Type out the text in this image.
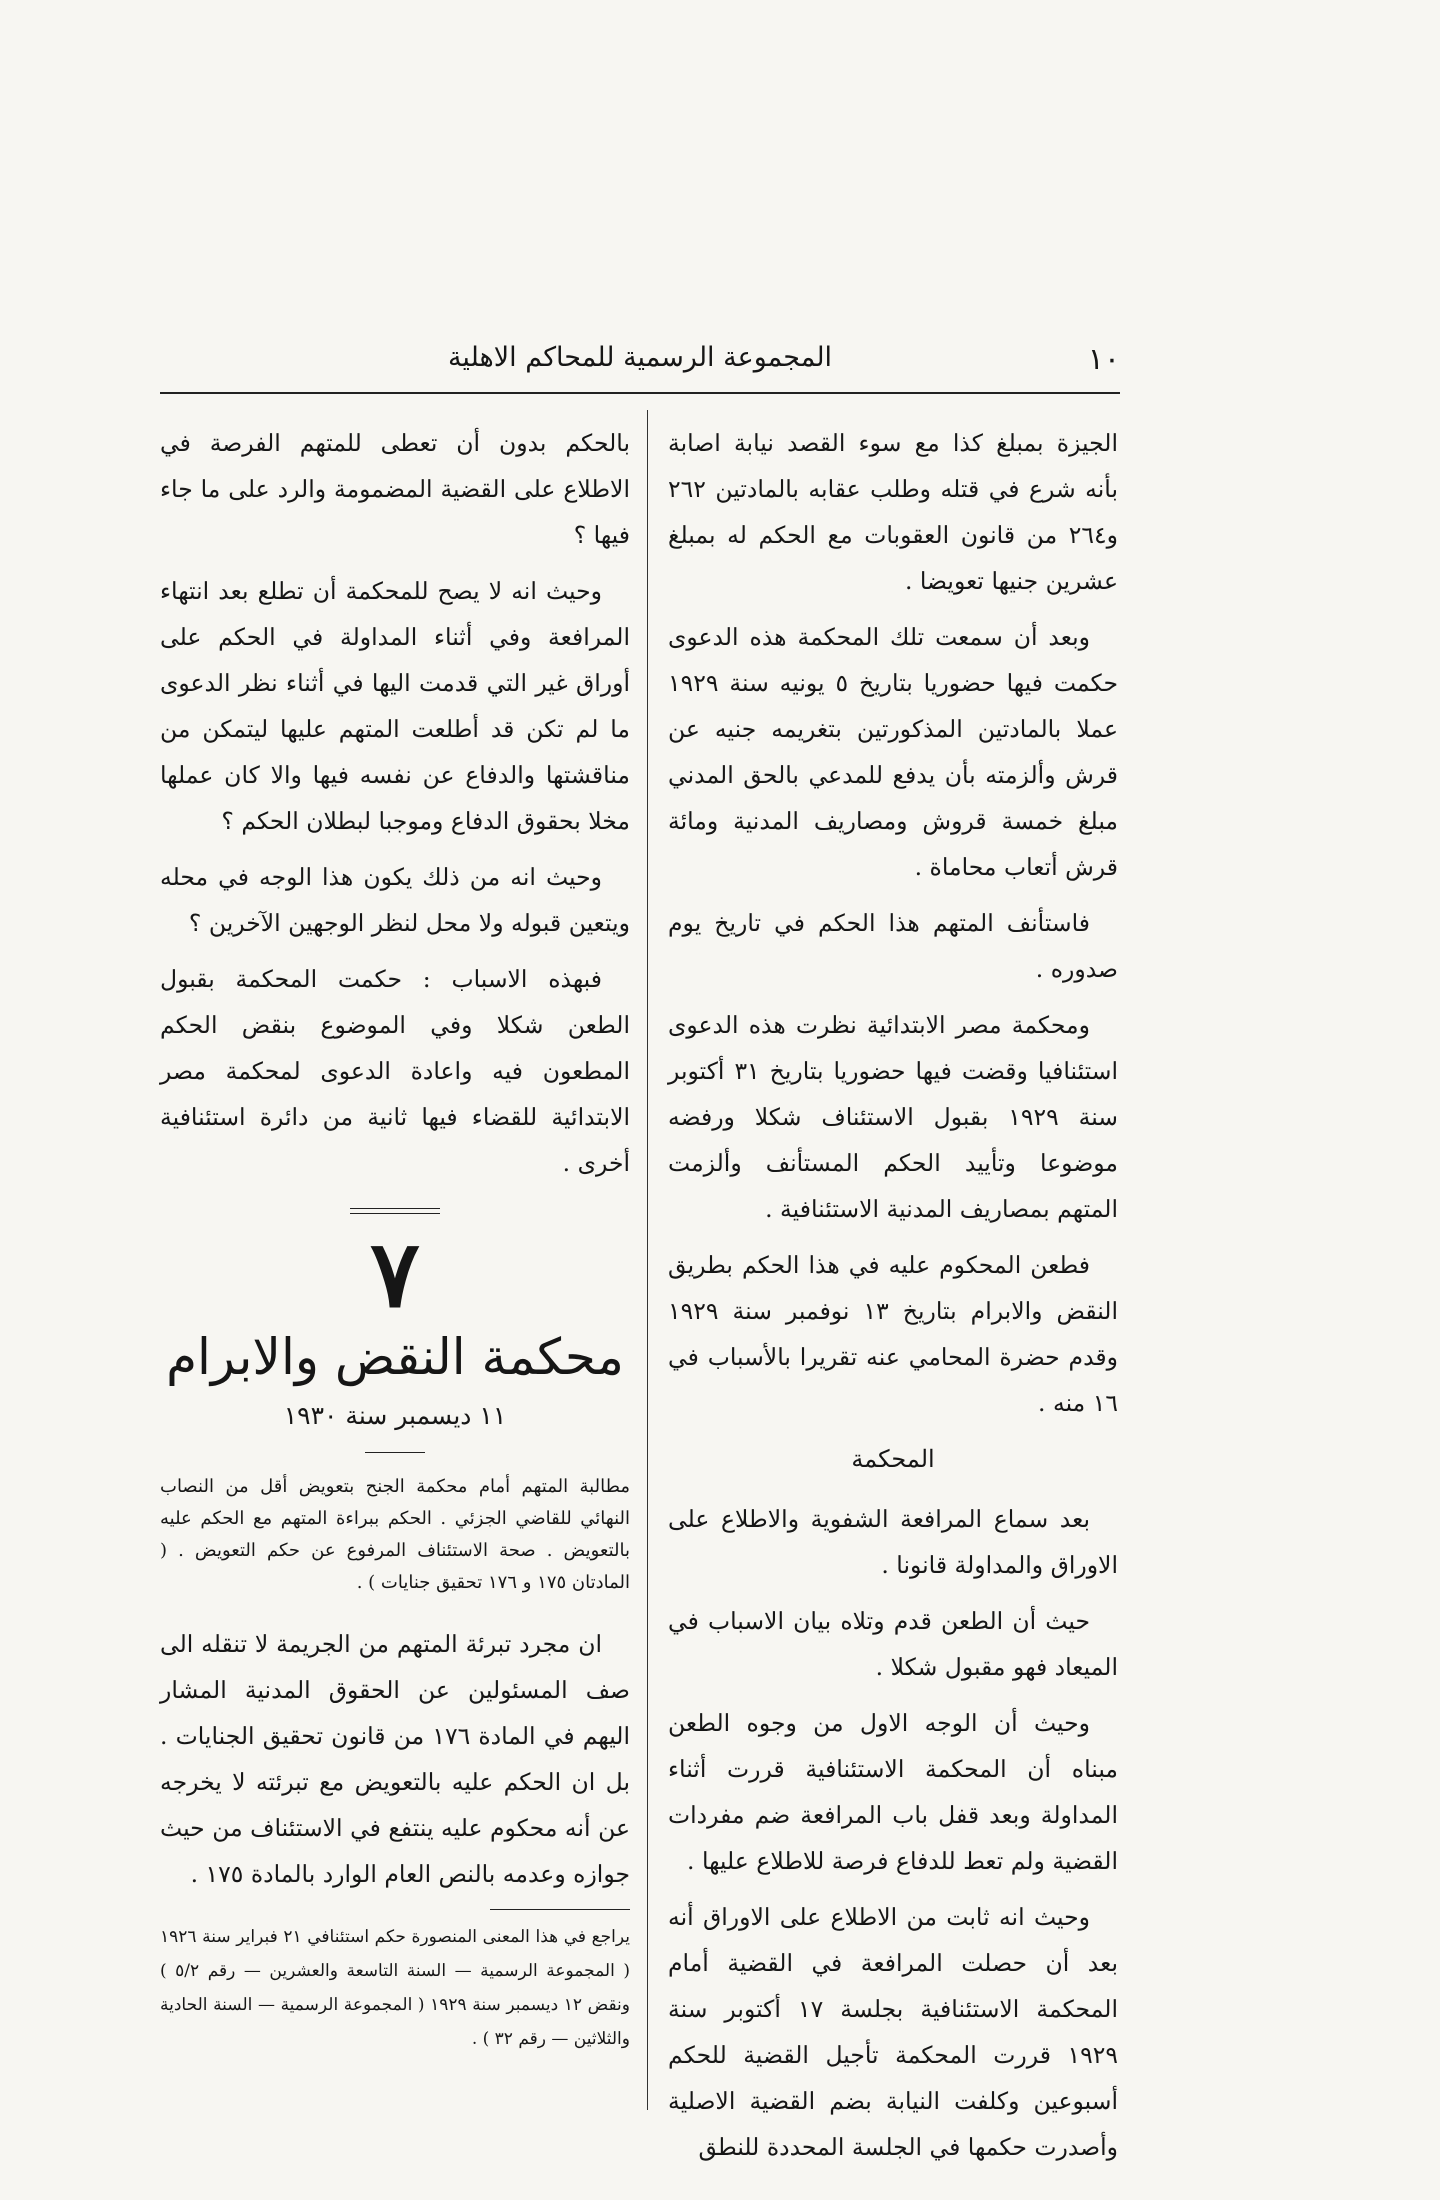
١٠
المجموعة الرسمية للمحاكم الاهلية

الجيزة بمبلغ كذا مع سوء القصد نيابة اصابة بأنه شرع في قتله وطلب عقابه بالمادتين ٢٦٢ و٢٦٤ من قانون العقوبات مع الحكم له بمبلغ عشرين جنيها تعويضا .

وبعد أن سمعت تلك المحكمة هذه الدعوى حكمت فيها حضوريا بتاريخ ٥ يونيه سنة ١٩٢٩ عملا بالمادتين المذكورتين بتغريمه جنيه عن قرش وألزمته بأن يدفع للمدعي بالحق المدني مبلغ خمسة قروش ومصاريف المدنية ومائة قرش أتعاب محاماة .

فاستأنف المتهم هذا الحكم في تاريخ يوم صدوره .

ومحكمة مصر الابتدائية نظرت هذه الدعوى استئنافيا وقضت فيها حضوريا بتاريخ ٣١ أكتوبر سنة ١٩٢٩ بقبول الاستئناف شكلا ورفضه موضوعا وتأييد الحكم المستأنف وألزمت المتهم بمصاريف المدنية الاستئنافية .

فطعن المحكوم عليه في هذا الحكم بطريق النقض والابرام بتاريخ ١٣ نوفمبر سنة ١٩٢٩ وقدم حضرة المحامي عنه تقريرا بالأسباب في ١٦ منه .

المحكمة

بعد سماع المرافعة الشفوية والاطلاع على الاوراق والمداولة قانونا .

حيث أن الطعن قدم وتلاه بيان الاسباب في الميعاد فهو مقبول شكلا .

وحيث أن الوجه الاول من وجوه الطعن مبناه أن المحكمة الاستئنافية قررت أثناء المداولة وبعد قفل باب المرافعة ضم مفردات القضية ولم تعط للدفاع فرصة للاطلاع عليها .

وحيث انه ثابت من الاطلاع على الاوراق أنه بعد أن حصلت المرافعة في القضية أمام المحكمة الاستئنافية بجلسة ١٧ أكتوبر سنة ١٩٢٩ قررت المحكمة تأجيل القضية للحكم أسبوعين وكلفت النيابة بضم القضية الاصلية وأصدرت حكمها في الجلسة المحددة للنطق

بالحكم بدون أن تعطى للمتهم الفرصة في الاطلاع على القضية المضمومة والرد على ما جاء فيها ؟

وحيث انه لا يصح للمحكمة أن تطلع بعد انتهاء المرافعة وفي أثناء المداولة في الحكم على أوراق غير التي قدمت اليها في أثناء نظر الدعوى ما لم تكن قد أطلعت المتهم عليها ليتمكن من مناقشتها والدفاع عن نفسه فيها والا كان عملها مخلا بحقوق الدفاع وموجبا لبطلان الحكم ؟

وحيث انه من ذلك يكون هذا الوجه في محله ويتعين قبوله ولا محل لنظر الوجهين الآخرين ؟

فبهذه الاسباب : حكمت المحكمة بقبول الطعن شكلا وفي الموضوع بنقض الحكم المطعون فيه واعادة الدعوى لمحكمة مصر الابتدائية للقضاء فيها ثانية من دائرة استئنافية أخرى .

٧
محكمة النقض والابرام
١١ ديسمبر سنة ١٩٣٠

مطالبة المتهم أمام محكمة الجنح بتعويض أقل من النصاب النهائي للقاضي الجزئي . الحكم ببراءة المتهم مع الحكم عليه بالتعويض . صحة الاستئناف المرفوع عن حكم التعويض . ( المادتان ١٧٥ و ١٧٦ تحقيق جنايات ) .

ان مجرد تبرئة المتهم من الجريمة لا تنقله الى صف المسئولين عن الحقوق المدنية المشار اليهم في المادة ١٧٦ من قانون تحقيق الجنايات . بل ان الحكم عليه بالتعويض مع تبرئته لا يخرجه عن أنه محكوم عليه ينتفع في الاستئناف من حيث جوازه وعدمه بالنص العام الوارد بالمادة ١٧٥ .

يراجع في هذا المعنى المنصورة حكم استئنافي ٢١ فبراير سنة ١٩٢٦ ( المجموعة الرسمية — السنة التاسعة والعشرين — رقم ٥/٢ ) ونقض ١٢ ديسمبر سنة ١٩٢٩ ( المجموعة الرسمية — السنة الحادية والثلاثين — رقم ٣٢ ) .
